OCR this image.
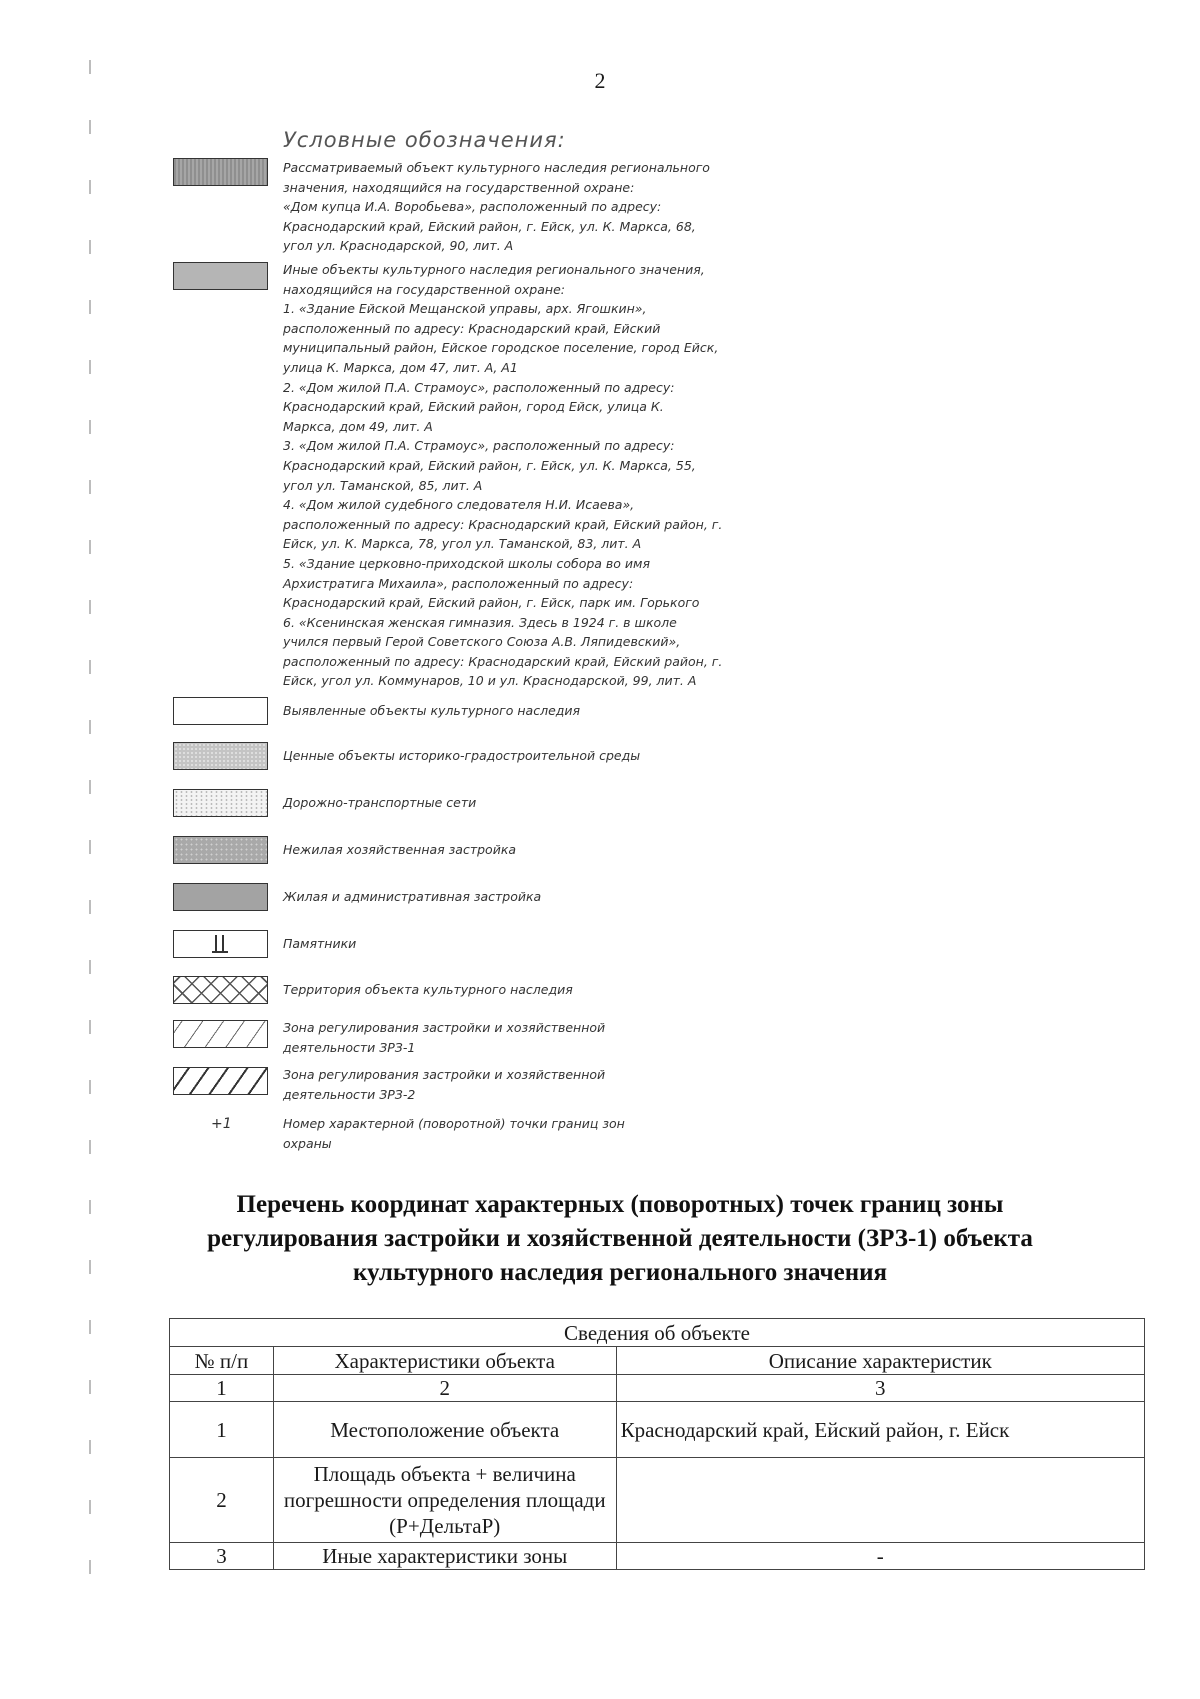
2
Условные обозначения:
Рассматриваемый объект культурного наследия регионального
значения, находящийся на государственной охране:
«Дом купца И.А. Воробьева», расположенный по адресу:
Краснодарский край, Ейский район, г. Ейск, ул. К. Маркса, 68,
угол ул. Краснодарской, 90, лит. А
Иные объекты культурного наследия регионального значения,
находящийся на государственной охране:
1. «Здание Ейской Мещанской управы, арх. Ягошкин»,
расположенный по адресу: Краснодарский край, Ейский
муниципальный район, Ейское городское поселение, город Ейск,
улица К. Маркса, дом 47, лит. А, А1
2. «Дом жилой П.А. Страмоус», расположенный по адресу:
Краснодарский край, Ейский район, город Ейск, улица К.
Маркса, дом 49, лит. А
3. «Дом жилой П.А. Страмоус», расположенный по адресу:
Краснодарский край, Ейский район, г. Ейск, ул. К. Маркса, 55,
угол ул. Таманской, 85, лит. А
4. «Дом жилой судебного следователя Н.И. Исаева»,
расположенный по адресу: Краснодарский край, Ейский район, г.
Ейск, ул. К. Маркса, 78, угол ул. Таманской, 83, лит. А
5. «Здание церковно-приходской школы собора во имя
Архистратига Михаила», расположенный по адресу:
Краснодарский край, Ейский район, г. Ейск, парк им. Горького
6. «Ксенинская женская гимназия. Здесь в 1924 г. в школе
учился первый Герой Советского Союза А.В. Ляпидевский»,
расположенный по адресу: Краснодарский край, Ейский район, г.
Ейск, угол ул. Коммунаров, 10 и ул. Краснодарской, 99, лит. А
Выявленные объекты культурного наследия
Ценные объекты историко-градостроительной среды
Дорожно-транспортные сети
Нежилая хозяйственная застройка
Жилая и административная застройка
Памятники
Территория объекта культурного наследия
Зона регулирования застройки и хозяйственной
деятельности ЗРЗ-1
Зона регулирования застройки и хозяйственной
деятельности ЗРЗ-2
+1	Номер характерной (поворотной) точки границ зон
охраны
Перечень координат характерных (поворотных) точек границ зоны регулирования застройки и хозяйственной деятельности (ЗРЗ-1) объекта культурного наследия регионального значения
Сведения об объекте		
№ п/п	Характеристики объекта	Описание характеристик
1	2	3
1	Местоположение объекта	Краснодарский край, Ейский район, г. Ейск
2	Площадь объекта + величина погрешности определения площади (Р+ДельтаР)	
3	Иные характеристики зоны	-
